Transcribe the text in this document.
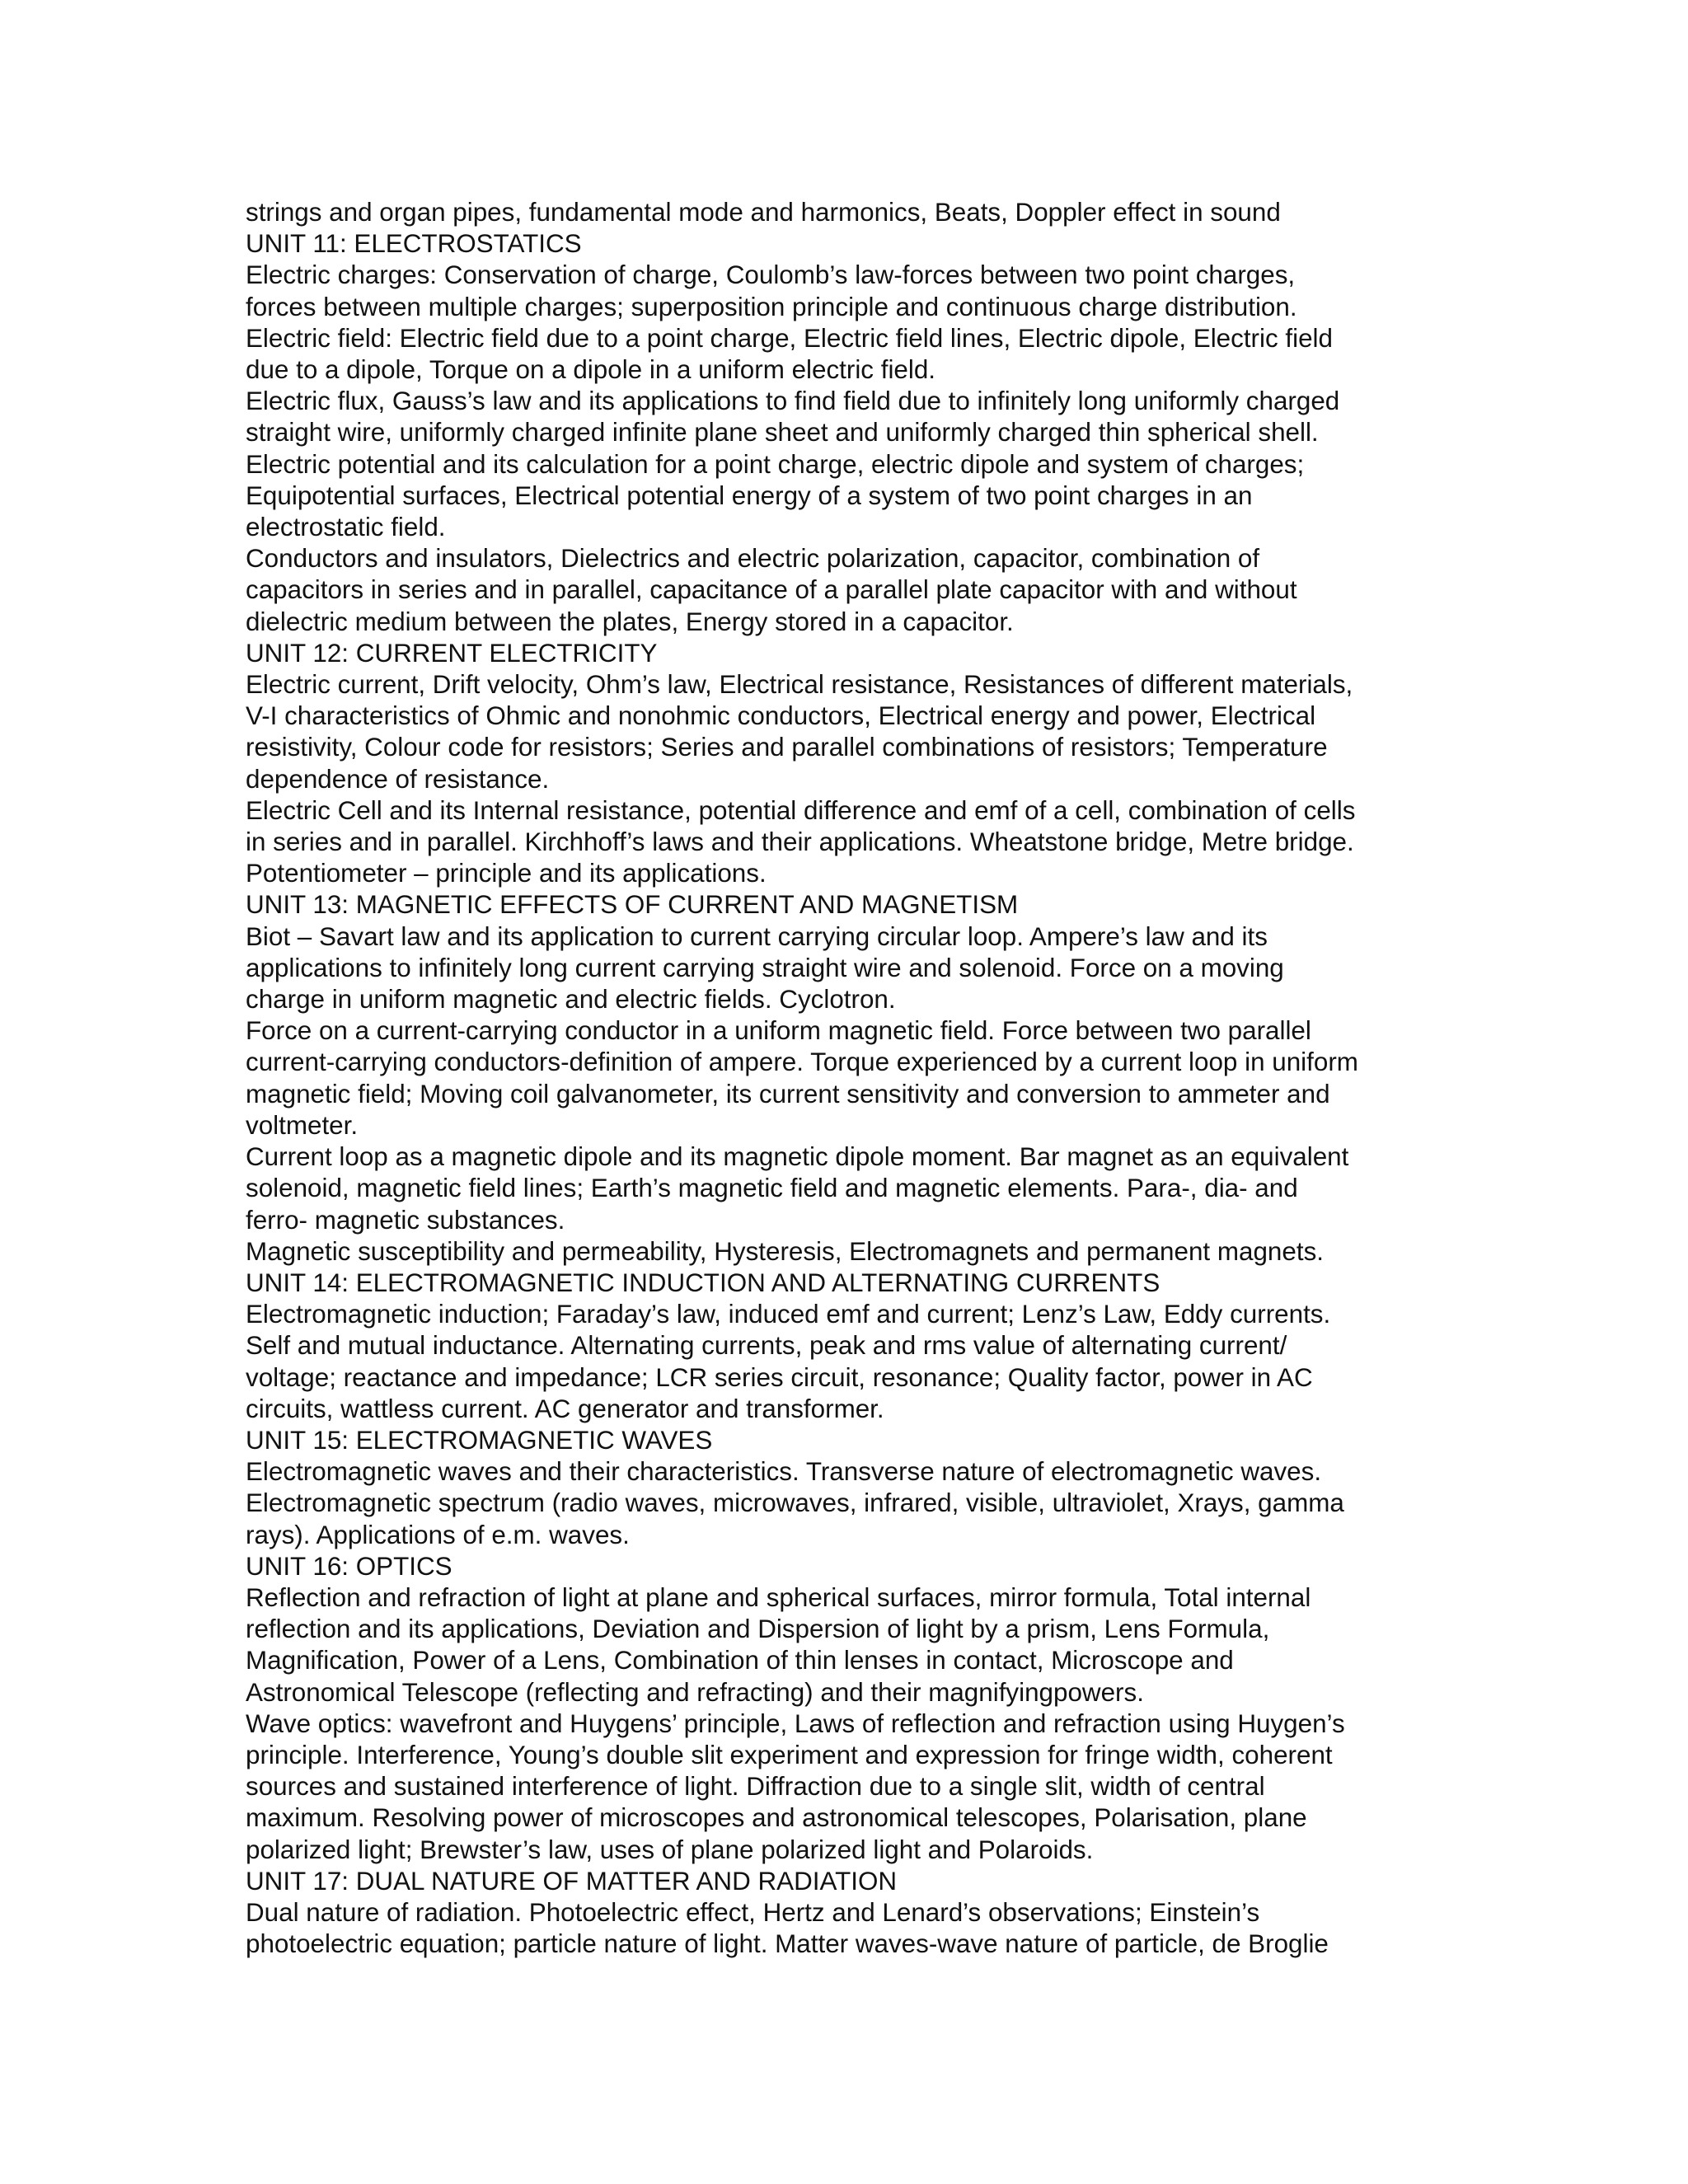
strings and organ pipes, fundamental mode and harmonics, Beats, Doppler effect in sound
UNIT 11: ELECTROSTATICS
Electric charges: Conservation of charge, Coulomb’s law-forces between two point charges,
forces between multiple charges; superposition principle and continuous charge distribution.
Electric field: Electric field due to a point charge, Electric field lines, Electric dipole, Electric field
due to a dipole, Torque on a dipole in a uniform electric field.
Electric flux, Gauss’s law and its applications to find field due to infinitely long uniformly charged
straight wire, uniformly charged infinite plane sheet and uniformly charged thin spherical shell.
Electric potential and its calculation for a point charge, electric dipole and system of charges;
Equipotential surfaces, Electrical potential energy of a system of two point charges in an
electrostatic field.
Conductors and insulators, Dielectrics and electric polarization, capacitor, combination of
capacitors in series and in parallel, capacitance of a parallel plate capacitor with and without
dielectric medium between the plates, Energy stored in a capacitor.
UNIT 12: CURRENT ELECTRICITY
Electric current, Drift velocity, Ohm’s law, Electrical resistance, Resistances of different materials,
V-I characteristics of Ohmic and nonohmic conductors, Electrical energy and power, Electrical
resistivity, Colour code for resistors; Series and parallel combinations of resistors; Temperature
dependence of resistance.
Electric Cell and its Internal resistance, potential difference and emf of a cell, combination of cells
in series and in parallel. Kirchhoff’s laws and their applications. Wheatstone bridge, Metre bridge.
Potentiometer – principle and its applications.
UNIT 13: MAGNETIC EFFECTS OF CURRENT AND MAGNETISM
Biot – Savart law and its application to current carrying circular loop. Ampere’s law and its
applications to infinitely long current carrying straight wire and solenoid. Force on a moving
charge in uniform magnetic and electric fields. Cyclotron.
Force on a current-carrying conductor in a uniform magnetic field. Force between two parallel
current-carrying conductors-definition of ampere. Torque experienced by a current loop in uniform
magnetic field; Moving coil galvanometer, its current sensitivity and conversion to ammeter and
voltmeter.
Current loop as a magnetic dipole and its magnetic dipole moment. Bar magnet as an equivalent
solenoid, magnetic field lines; Earth’s magnetic field and magnetic elements. Para-, dia- and
ferro- magnetic substances.
Magnetic susceptibility and permeability, Hysteresis, Electromagnets and permanent magnets.
UNIT 14: ELECTROMAGNETIC INDUCTION AND ALTERNATING CURRENTS
Electromagnetic induction; Faraday’s law, induced emf and current; Lenz’s Law, Eddy currents.
Self and mutual inductance. Alternating currents, peak and rms value of alternating current/
voltage; reactance and impedance; LCR series circuit, resonance; Quality factor, power in AC
circuits, wattless current. AC generator and transformer.
UNIT 15: ELECTROMAGNETIC WAVES
Electromagnetic waves and their characteristics. Transverse nature of electromagnetic waves.
Electromagnetic spectrum (radio waves, microwaves, infrared, visible, ultraviolet, Xrays, gamma
rays). Applications of e.m. waves.
UNIT 16: OPTICS
Reflection and refraction of light at plane and spherical surfaces, mirror formula, Total internal
reflection and its applications, Deviation and Dispersion of light by a prism, Lens Formula,
Magnification, Power of a Lens, Combination of thin lenses in contact, Microscope and
Astronomical Telescope (reflecting and refracting) and their magnifyingpowers.
Wave optics: wavefront and Huygens’ principle, Laws of reflection and refraction using Huygen’s
principle. Interference, Young’s double slit experiment and expression for fringe width, coherent
sources and sustained interference of light. Diffraction due to a single slit, width of central
maximum. Resolving power of microscopes and astronomical telescopes, Polarisation, plane
polarized light; Brewster’s law, uses of plane polarized light and Polaroids.
UNIT 17: DUAL NATURE OF MATTER AND RADIATION
Dual nature of radiation. Photoelectric effect, Hertz and Lenard’s observations; Einstein’s
photoelectric equation; particle nature of light. Matter waves-wave nature of particle, de Broglie
